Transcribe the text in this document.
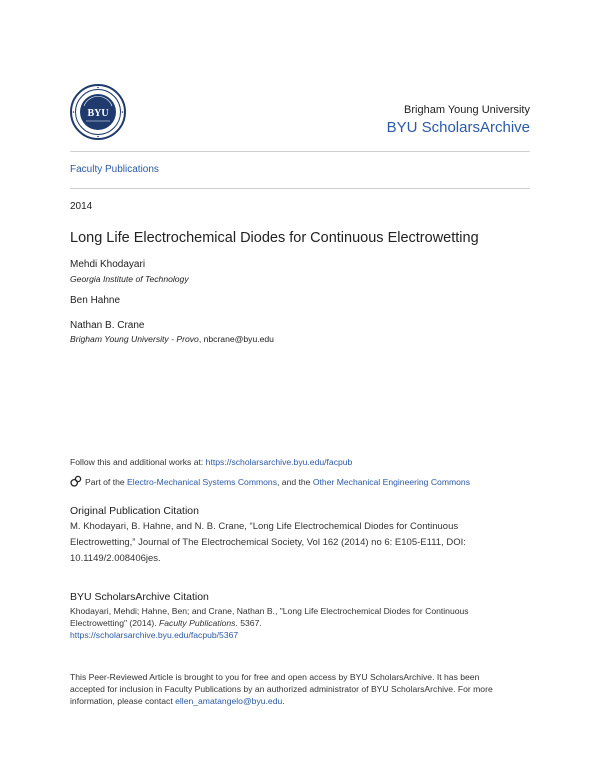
BYU	Brigham Young University
BYU ScholarsArchive
Faculty Publications
2014
Long Life Electrochemical Diodes for Continuous Electrowetting
Mehdi Khodayari
Georgia Institute of Technology
Ben Hahne
Nathan B. Crane
Brigham Young University - Provo, nbcrane@byu.edu
Follow this and additional works at: https://scholarsarchive.byu.edu/facpub
Part of the Electro-Mechanical Systems Commons, and the Other Mechanical Engineering Commons
Original Publication Citation
M. Khodayari, B. Hahne, and N. B. Crane, “Long Life Electrochemical Diodes for Continuous
Electrowetting,” Journal of The Electrochemical Society, Vol 162 (2014) no 6: E105-E111, DOI:
10.1149/2.008406jes.
BYU ScholarsArchive Citation
Khodayari, Mehdi; Hahne, Ben; and Crane, Nathan B., "Long Life Electrochemical Diodes for Continuous
Electrowetting" (2014). Faculty Publications. 5367.
https://scholarsarchive.byu.edu/facpub/5367
This Peer-Reviewed Article is brought to you for free and open access by BYU ScholarsArchive. It has been
accepted for inclusion in Faculty Publications by an authorized administrator of BYU ScholarsArchive. For more
information, please contact ellen_amatangelo@byu.edu.
